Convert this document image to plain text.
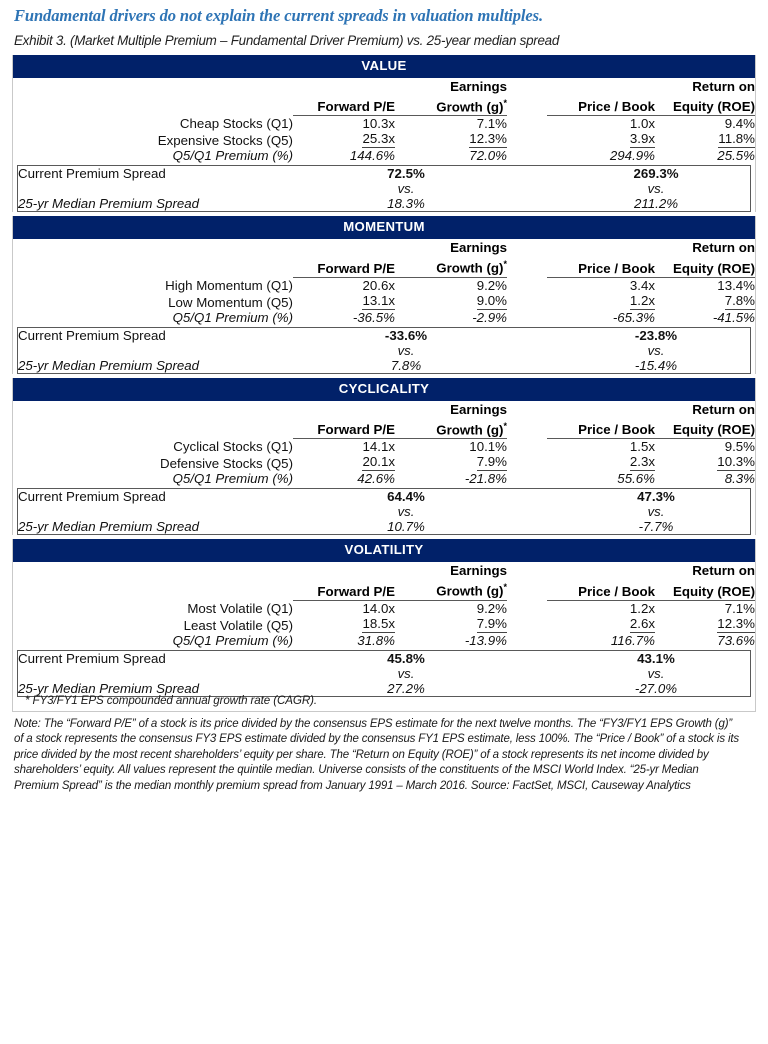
Fundamental drivers do not explain the current spreads in valuation multiples.
Exhibit 3. (Market Multiple Premium – Fundamental Driver Premium) vs. 25-year median spread
VALUE
		Earnings			Return on
	Forward P/E	Growth (g)*		Price / Book	Equity (ROE)
Cheap Stocks (Q1)	10.3x	7.1%		1.0x	9.4%
Expensive Stocks (Q5)	25.3x	12.3%		3.9x	11.8%
Q5/Q1 Premium (%)	144.6%	72.0%		294.9%	25.5%
Current Premium Spread	72.5%		269.3%
	vs.		vs.
25-yr Median Premium Spread	18.3%		211.2%
MOMENTUM
		Earnings			Return on
	Forward P/E	Growth (g)*		Price / Book	Equity (ROE)
High Momentum (Q1)	20.6x	9.2%		3.4x	13.4%
Low Momentum (Q5)	13.1x	9.0%		1.2x	7.8%
Q5/Q1 Premium (%)	-36.5%	-2.9%		-65.3%	-41.5%
Current Premium Spread	-33.6%		-23.8%
	vs.		vs.
25-yr Median Premium Spread	7.8%		-15.4%
CYCLICALITY
		Earnings			Return on
	Forward P/E	Growth (g)*		Price / Book	Equity (ROE)
Cyclical Stocks (Q1)	14.1x	10.1%		1.5x	9.5%
Defensive Stocks (Q5)	20.1x	7.9%		2.3x	10.3%
Q5/Q1 Premium (%)	42.6%	-21.8%		55.6%	8.3%
Current Premium Spread	64.4%		47.3%
	vs.		vs.
25-yr Median Premium Spread	10.7%		-7.7%
VOLATILITY
		Earnings			Return on
	Forward P/E	Growth (g)*		Price / Book	Equity (ROE)
Most Volatile (Q1)	14.0x	9.2%		1.2x	7.1%
Least Volatile (Q5)	18.5x	7.9%		2.6x	12.3%
Q5/Q1 Premium (%)	31.8%	-13.9%		116.7%	73.6%
Current Premium Spread	45.8%		43.1%
	vs.		vs.
25-yr Median Premium Spread	27.2%		-27.0%
* FY3/FY1 EPS compounded annual growth rate (CAGR).

Note: The “Forward P/E” of a stock is its price divided by the consensus EPS estimate for the next twelve months. The “FY3/FY1 EPS Growth (g)”

of a stock represents the consensus FY3 EPS estimate divided by the consensus FY1 EPS estimate, less 100%. The “Price / Book” of a stock is its

price divided by the most recent shareholders’ equity per share. The “Return on Equity (ROE)” of a stock represents its net income divided by

shareholders’ equity. All values represent the quintile median. Universe consists of the constituents of the MSCI World Index. “25-yr Median

Premium Spread” is the median monthly premium spread from January 1991 – March 2016. Source: FactSet, MSCI, Causeway Analytics
